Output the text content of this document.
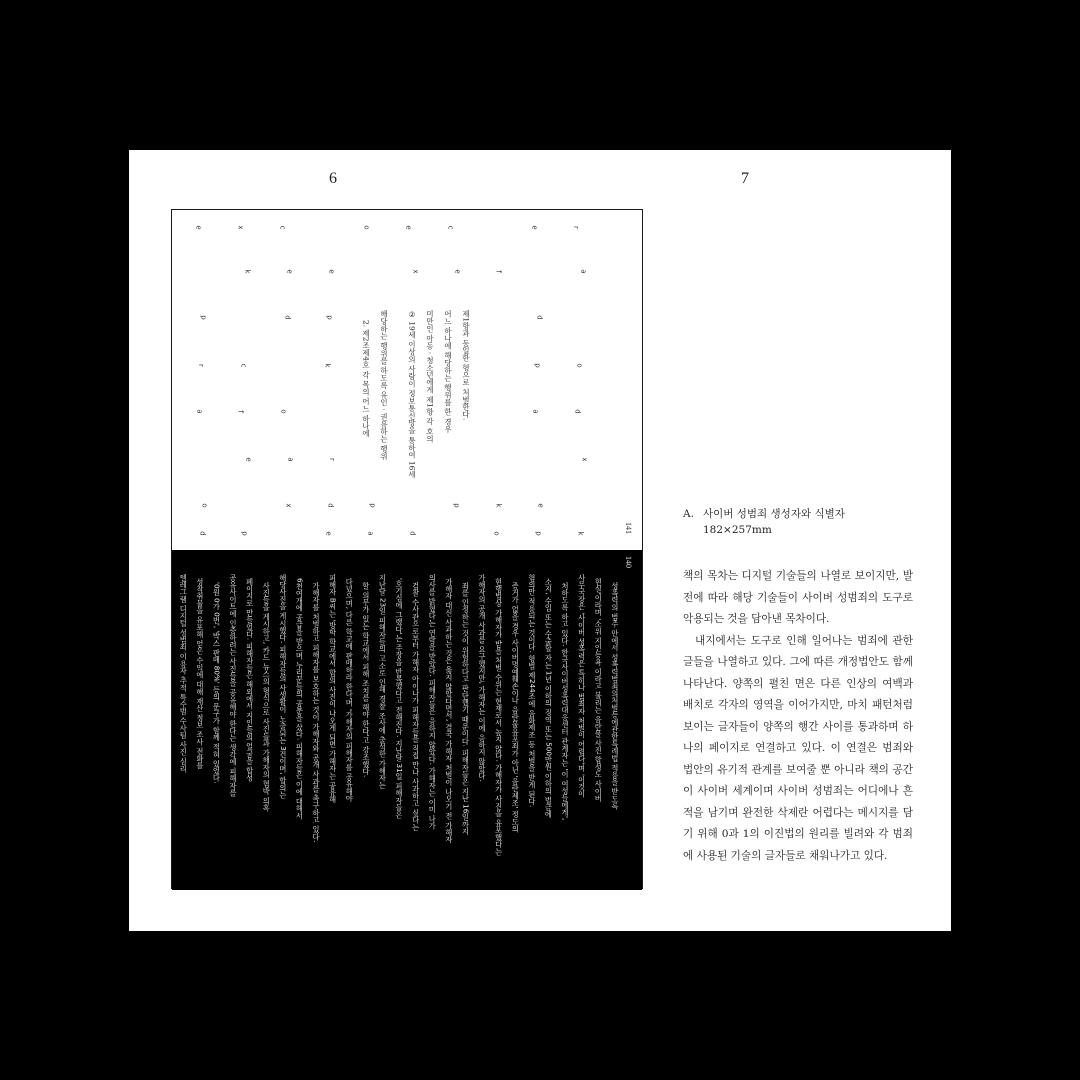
6	7
141
e
p
r
a
o
d
x
k
c
f
e
p
c
e
d
o
a
x
e
p
k
r
d
e
o
p
a
e
x
d
c
e
p
f
k
o
e
d
p
a
e
p
r
a
o
d
x
k
2. 제2조제4호 각 목의 어느 하나에 해당하는 행위를 하도록 유인 · 권유하는 행위	② 19세 이상의 사람이 정보통신망을 통하여 16세 미만인 아동 · 청소년에게 제1항 각 호의 어느 하나에 해당하는 행위를 한 경우 제1항과 동일한 형으로 처벌한다.
140
텔레그램 디지털 성범죄 이용자 추적 특수범 수사팀 사진 심리 성착취물을 유포해 얻은 수익에 대해 재산 정보 조사 전화를 '0원 0가 0번', '박스 판매 80%' 등의 문구가 함께 적혀 있었다. 공유사이트에 인증하려는 사진들을 공유해야 한다는 생각에 피해자를 페이지로 만들었다. 피해자들은 해외에서 지인들의 얼굴을 합성 사진들을 게시하고, 카드 뉴스의 형식으로 사진들과 가해자의 협박 의혹 해당사진을 게시했다. 피해자들의 사생활이 노출되는 3건이며, 합의는 6천여개에 공급을 받으며 누리꾼들의 공분을 샀다. 피해자들은 이에 대해서 가해자를 처벌하고 피해자를 보호하는 것이 가해자와 공개 사과를 촉구하고 있다. 피해자 B씨는 '방학 학교에서 합의 사진이 나오게 되면 가해자는 공유해 다녔으며, 다른 학교에 판매하라 한다'며 '가해자의 피해자를 공유해야 할 의무가 있는 학교에서 피해 조치를 해야 한다'고 강조했다. 지난달 23일 피해자들의 고소로 인해 경찰 조사에 출석한 가해자는 '호기심에 그랬다'는 주장을 반복했다고 전해진다. 지난달 31일 피해자들은 검찰 수사관으로부터 가해자 아이나가 피해자들을 직접 만나 사과하고 싶다는 의사를 밝혔다는 연락을 받았다. 피해자들은 응하지 않았다. 가해자는 이미 나가 가해자 대신 사과하는 것은 옳지 않았다면서, 결국 가해자 처벌이 나오기 전 가해자 죄를 인정하는 것이 위험하다고 판단했기 때문이다. 피해자들은 지난 16일까지 가해자의 공개 사과를 요구했지만, 가해자는 이에 응하지 않았다. 현행법상 가해자가 받을 처벌 수위는 현재로서 높지 않다. 가해자가 사진을 유포했다는 증거가 없을 경우 사이버명예훼손이나 음란물유포죄가 아닌 '음란제조' 정도의 혐의만 적용되는 것이다. 형법 제244조에 음화제조 등 처벌을 받게 된다. 소지, 수입 또는 수출할 자는 1년 이하의 징역 또는 500만원 이하의 벌금에 처하도록 하고 있다. 한국사이버성폭력대응센터 관계자는 '이 여성들에게', 사무국장은 '사이버 성폭력은 특히나 범죄자 처벌이 어렵다'며 '이것이 현실'이라며 '소위 지인능욕 이라고 불리는 음란물 사진 합성도 사이버 성폭력의 범주 안에서 성폭력범죄의처벌등에관한특례법 적용을 받도록
A. 사이버 성범죄 생성자와 식별자
182×257mm

책의 목차는 디지털 기술들의 나열로 보이지만, 발전에 따라 해당 기술들이 사이버 성범죄의 도구로 악용되는 것을 담아낸 목차이다.

내지에서는 도구로 인해 일어나는 범죄에 관한 글들을 나열하고 있다. 그에 따른 개정법안도 함께 나타난다. 양쪽의 펼친 면은 다른 인상의 여백과 배치로 각자의 영역을 이어가지만, 마치 패턴처럼 보이는 글자들이 양쪽의 행간 사이를 통과하며 하나의 페이지로 연결하고 있다. 이 연결은 범죄와 법안의 유기적 관계를 보여줄 뿐 아니라 책의 공간이 사이버 세계이며 사이버 성범죄는 어디에나 흔적을 남기며 완전한 삭제란 어렵다는 메시지를 담기 위해 0과 1의 이진법의 원리를 빌려와 각 범죄에 사용된 기술의 글자들로 채워나가고 있다.
